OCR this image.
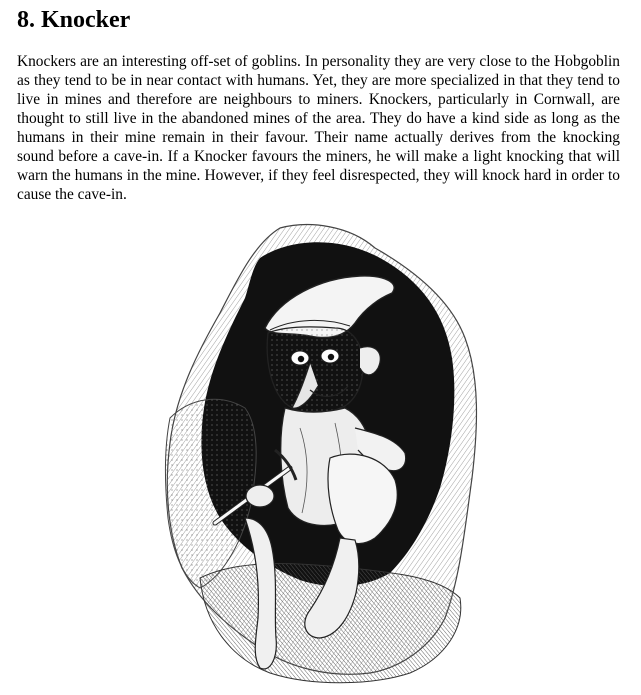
8. Knocker

Knockers are an interesting off-set of goblins. In personality they are very close to the Hobgoblin as they tend to be in near contact with humans. Yet, they are more specialized in that they tend to live in mines and therefore are neighbours to miners. Knockers, particularly in Cornwall, are thought to still live in the abandoned mines of the area. They do have a kind side as long as the humans in their mine remain in their favour. Their name actually derives from the knocking sound before a cave-in. If a Knocker favours the miners, he will make a light knocking that will warn the humans in the mine. However, if they feel disrespected, they will knock hard in order to cause the cave-in.
